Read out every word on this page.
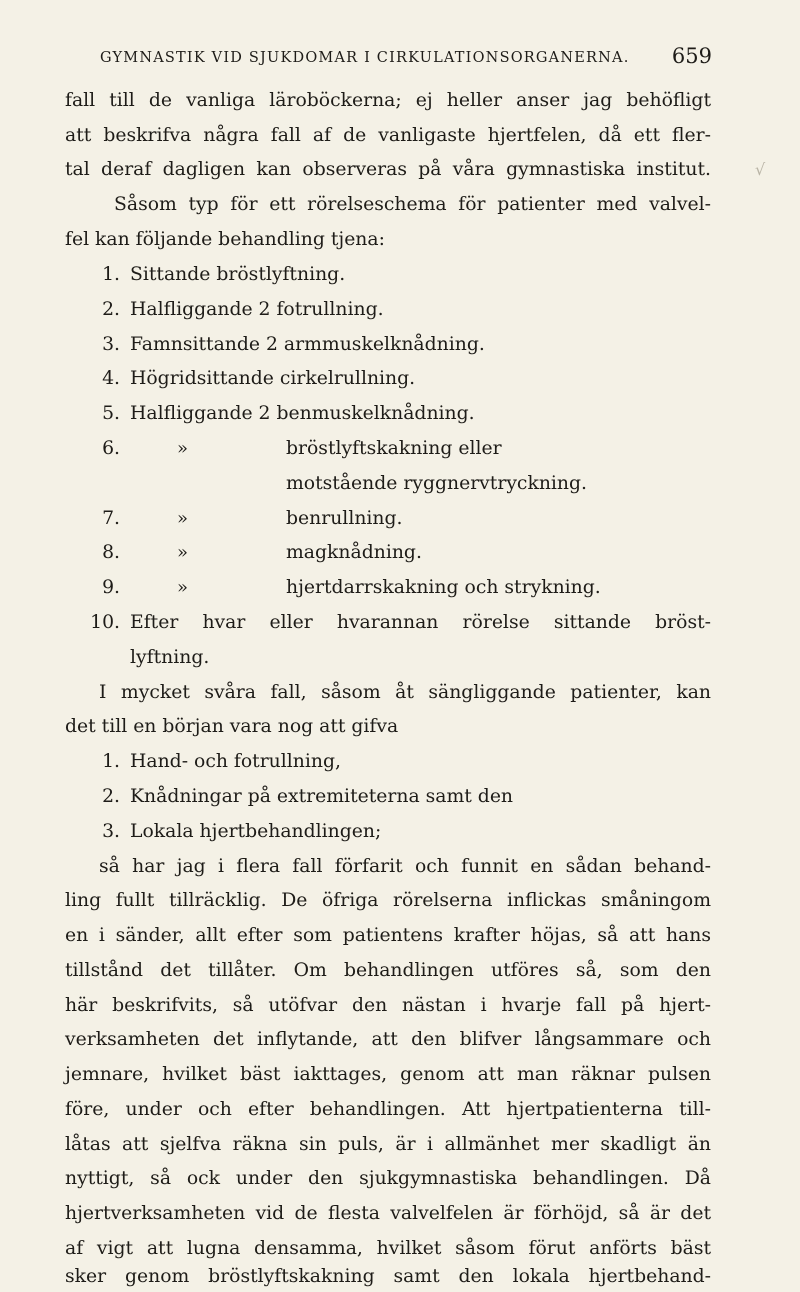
GYMNASTIK VID SJUKDOMAR I CIRKULATIONSORGANERNA. 659
√
fall till de vanliga läroböckerna; ej heller anser jag behöfligt
att beskrifva några fall af de vanligaste hjertfelen, då ett fler-
tal deraf dagligen kan observeras på våra gymnastiska institut.
Såsom typ för ett rörelseschema för patienter med valvel-
fel kan följande behandling tjena:
1. Sittande bröstlyftning.
2. Halfliggande 2 fotrullning.
3. Famnsittande 2 armmuskelknådning.
4. Högridsittande cirkelrullning.
5. Halfliggande 2 benmuskelknådning.
6.	»	bröstlyftskakning eller
motstående ryggnervtryckning.
7.	»	benrullning.
8.	»	magknådning.
9.	»	hjertdarrskakning och strykning.
10. Efter hvar eller hvarannan rörelse sittande bröst-
lyftning.
I mycket svåra fall, såsom åt sängliggande patienter, kan
det till en början vara nog att gifva
1. Hand- och fotrullning,
2. Knådningar på extremiteterna samt den
3. Lokala hjertbehandlingen;
så har jag i flera fall förfarit och funnit en sådan behand-
ling fullt tillräcklig. De öfriga rörelserna inflickas småningom
en i sänder, allt efter som patientens krafter höjas, så att hans
tillstånd det tillåter. Om behandlingen utföres så, som den
här beskrifvits, så utöfvar den nästan i hvarje fall på hjert-
verksamheten det inflytande, att den blifver långsammare och
jemnare, hvilket bäst iakttages, genom att man räknar pulsen
före, under och efter behandlingen. Att hjertpatienterna till-
låtas att sjelfva räkna sin puls, är i allmänhet mer skadligt än
nyttigt, så ock under den sjukgymnastiska behandlingen. Då
hjertverksamheten vid de flesta valvelfelen är förhöjd, så är det
af vigt att lugna densamma, hvilket såsom förut anförts bäst
sker genom bröstlyftskakning samt den lokala hjertbehand-
